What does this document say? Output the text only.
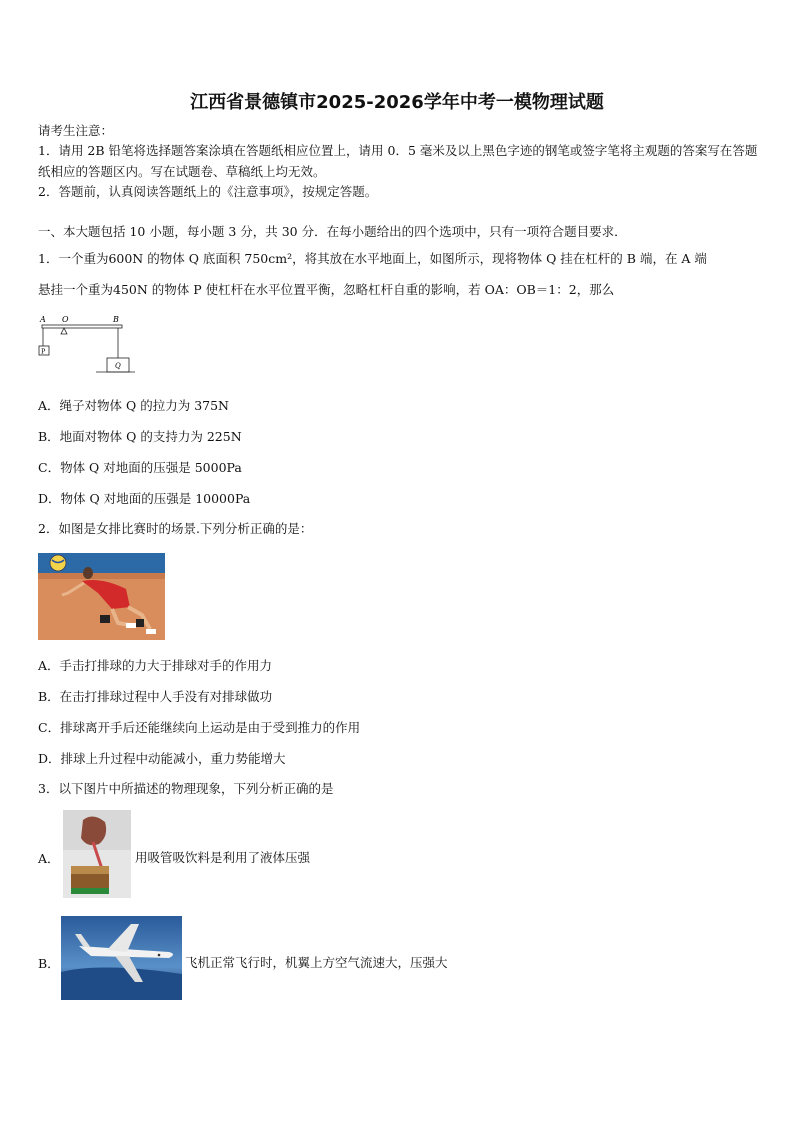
江西省景德镇市2025-2026学年中考一模物理试题
请考生注意：
1．请用 2B 铅笔将选择题答案涂填在答题纸相应位置上，请用 0．5 毫米及以上黑色字迹的钢笔或签字笔将主观题的答案写在答题纸相应的答题区内。写在试题卷、草稿纸上均无效。
2．答题前，认真阅读答题纸上的《注意事项》，按规定答题。
一、本大题包括 10 小题，每小题 3 分，共 30 分．在每小题给出的四个选项中，只有一项符合题目要求．
1．一个重为600N 的物体 Q 底面积 750cm²，将其放在水平地面上，如图所示，现将物体 Q 挂在杠杆的 B 端，在 A 端
悬挂一个重为450N 的物体 P 使杠杆在水平位置平衡，忽略杠杆自重的影响，若 OA：OB＝1：2，那么
A O	B
P
Q
A．绳子对物体 Q 的拉力为 375N
B．地面对物体 Q 的支持力为 225N
C．物体 Q 对地面的压强是 5000Pa
D．物体 Q 对地面的压强是 10000Pa
2．如图是女排比赛时的场景.下列分析正确的是：
A．手击打排球的力大于排球对手的作用力
B．在击打排球过程中人手没有对排球做功
C．排球离开手后还能继续向上运动是由于受到推力的作用
D．排球上升过程中动能减小，重力势能增大
3．以下图片中所描述的物理现象，下列分析正确的是
A．	用吸管吸饮料是利用了液体压强
B．	飞机正常飞行时，机翼上方空气流速大，压强大
